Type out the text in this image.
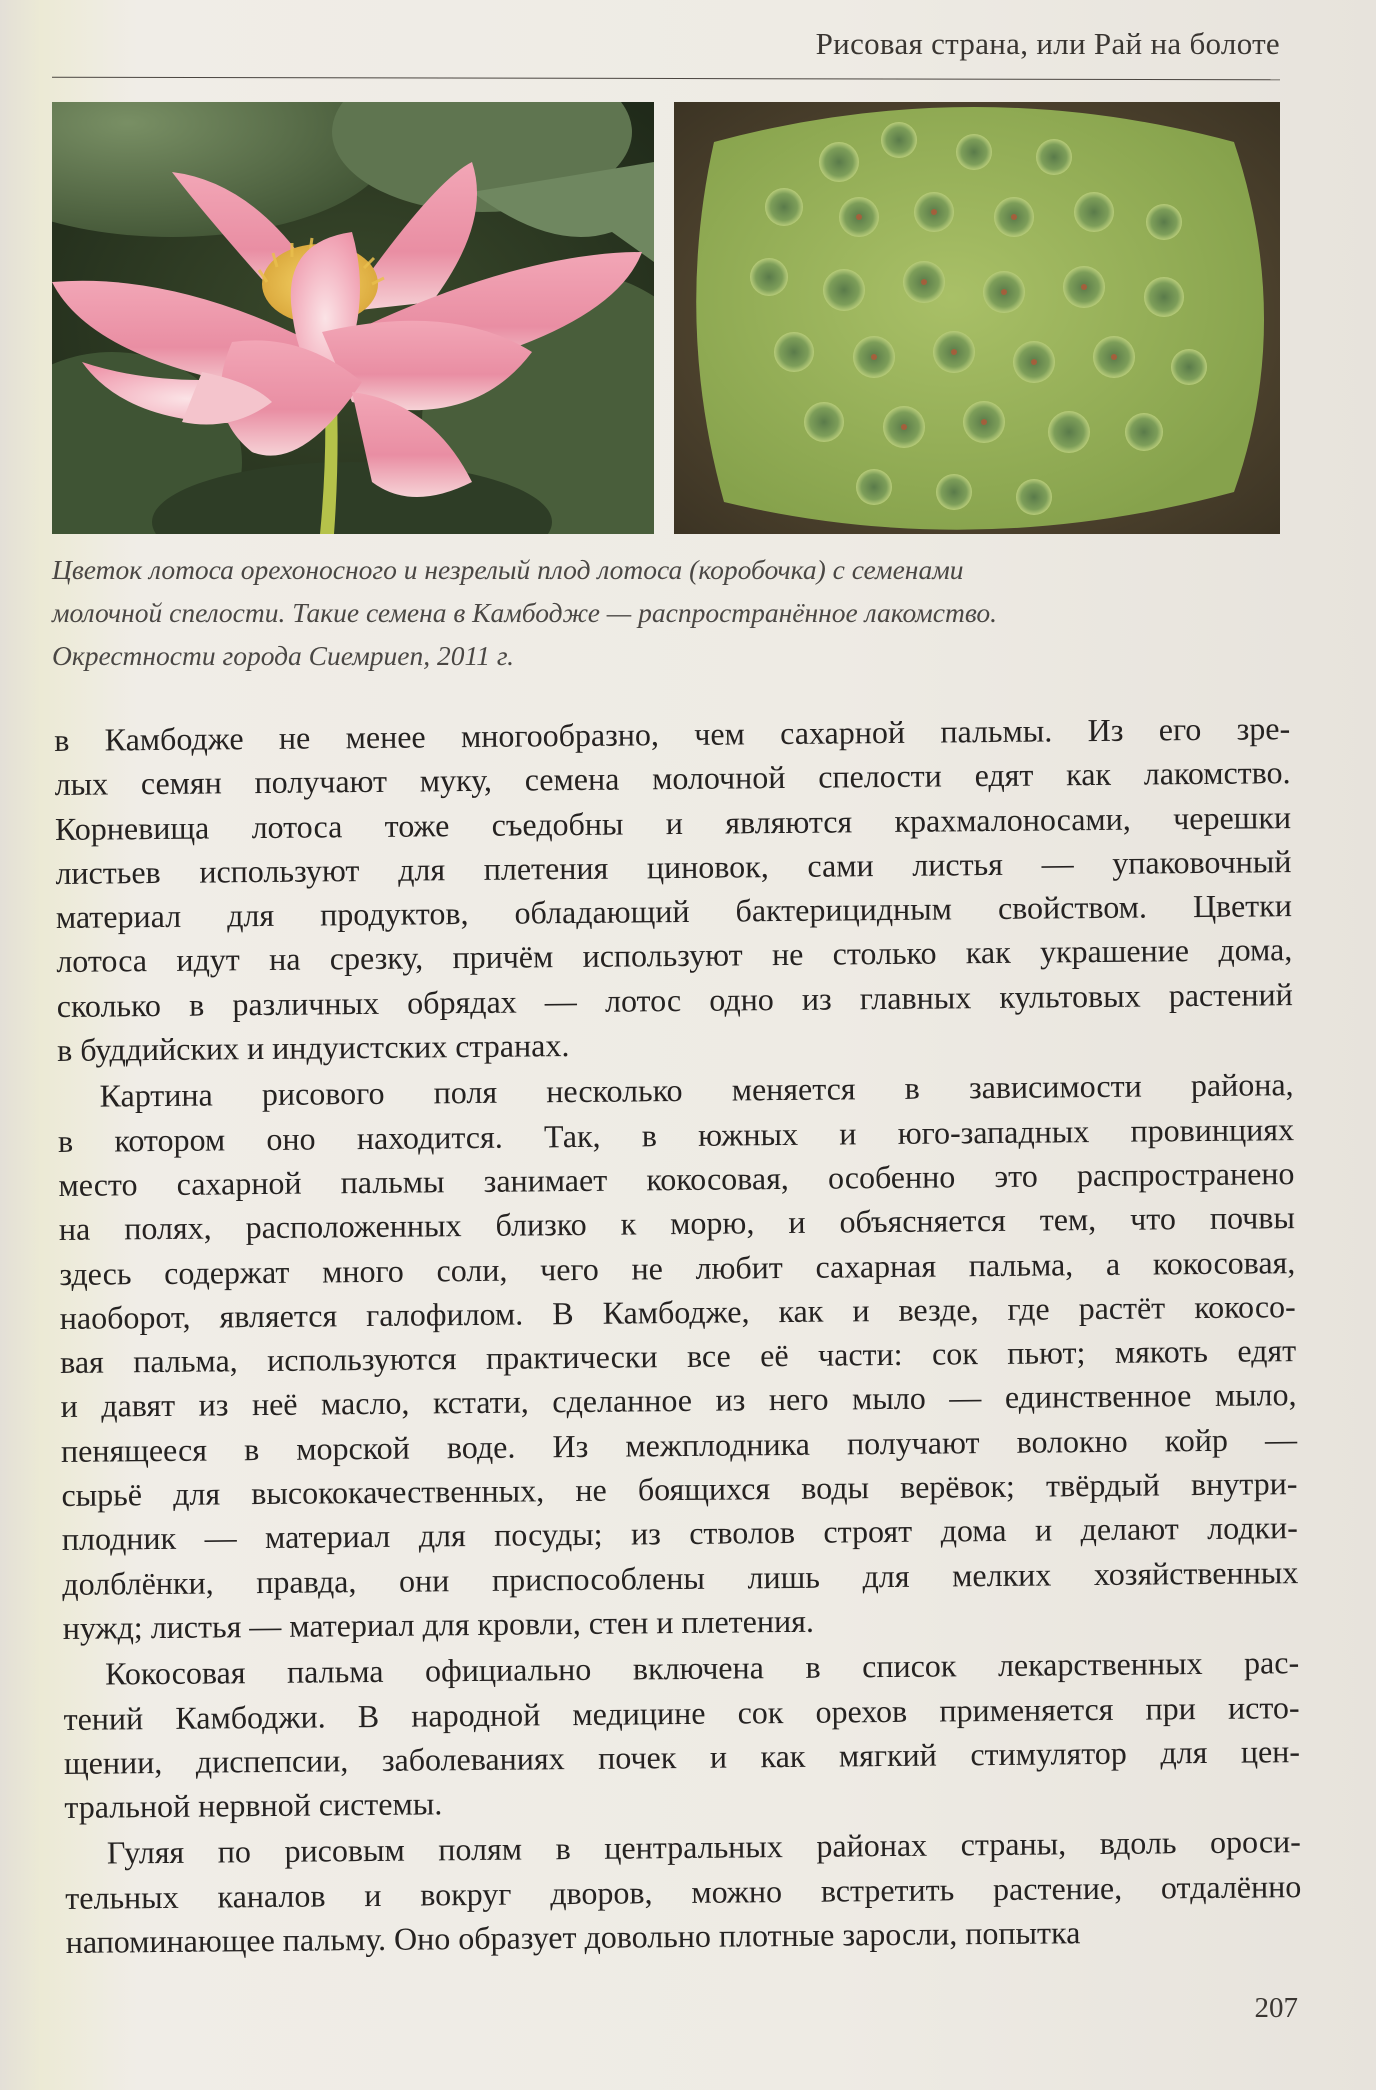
Рисовая страна, или Рай на болоте
Цветок лотоса орехоносного и незрелый плод лотоса (коробочка) с семенами
молочной спелости. Такие семена в Камбодже — распространённое лакомство.
Окрестности города Сиемриеп, 2011 г.
в Камбодже не менее многообразно, чем сахарной пальмы. Из его зре-
лых семян получают муку, семена молочной спелости едят как лакомство.
Корневища лотоса тоже съедобны и являются крахмалоносами, черешки
листьев используют для плетения циновок, сами листья — упаковочный
материал для продуктов, обладающий бактерицидным свойством. Цветки
лотоса идут на срезку, причём используют не столько как украшение дома,
сколько в различных обрядах — лотос одно из главных культовых растений
в буддийских и индуистских странах.
Картина рисового поля несколько меняется в зависимости района,
в котором оно находится. Так, в южных и юго-западных провинциях
место сахарной пальмы занимает кокосовая, особенно это распространено
на полях, расположенных близко к морю, и объясняется тем, что почвы
здесь содержат много соли, чего не любит сахарная пальма, а кокосовая,
наоборот, является галофилом. В Камбодже, как и везде, где растёт кокосо-
вая пальма, используются практически все её части: сок пьют; мякоть едят
и давят из неё масло, кстати, сделанное из него мыло — единственное мыло,
пенящееся в морской воде. Из межплодника получают волокно койр —
сырьё для высококачественных, не боящихся воды верёвок; твёрдый внутри-
плодник — материал для посуды; из стволов строят дома и делают лодки-
долблёнки, правда, они приспособлены лишь для мелких хозяйственных
нужд; листья — материал для кровли, стен и плетения.
Кокосовая пальма официально включена в список лекарственных рас-
тений Камбоджи. В народной медицине сок орехов применяется при исто-
щении, диспепсии, заболеваниях почек и как мягкий стимулятор для цен-
тральной нервной системы.
Гуляя по рисовым полям в центральных районах страны, вдоль ороси-
тельных каналов и вокруг дворов, можно встретить растение, отдалённо
напоминающее пальму. Оно образует довольно плотные заросли, попытка
207
